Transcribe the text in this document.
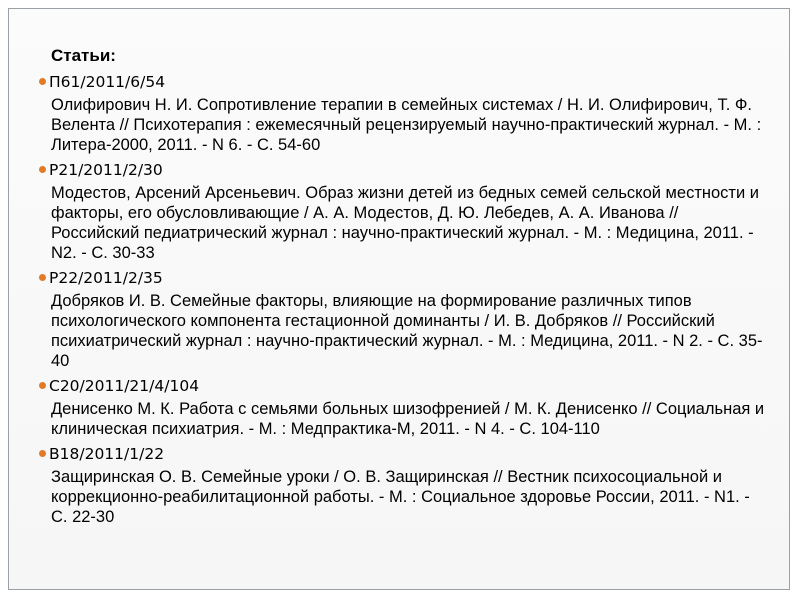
Статьи:
П61/2011/6/54
Олифирович Н. И. Сопротивление терапии в семейных системах / Н. И. Олифирович, Т. Ф. Велента // Психотерапия : ежемесячный рецензируемый научно-практический журнал. - М. : Литера-2000, 2011. - N 6. - С. 54-60
Р21/2011/2/30
Модестов, Арсений Арсеньевич. Образ жизни детей из бедных семей сельской местности и факторы, его обусловливающие / А. А. Модестов, Д. Ю. Лебедев, А. А. Иванова // Российский педиатрический журнал : научно-практический журнал. - М. : Медицина, 2011. - N2. - С. 30-33
Р22/2011/2/35
Добряков И. В. Семейные факторы, влияющие на формирование различных типов психологического компонента гестационной доминанты / И. В. Добряков // Российский психиатрический журнал : научно-практический журнал. - М. : Медицина, 2011. - N 2. - С. 35-40
С20/2011/21/4/104
Денисенко М. К. Работа с семьями больных шизофренией / М. К. Денисенко // Социальная и клиническая психиатрия. - М. : Медпрактика-М, 2011. - N 4. - С. 104-110
В18/2011/1/22
Защиринская О. В. Семейные уроки / О. В. Защиринская // Вестник психосоциальной и коррекционно-реабилитационной работы. - М. : Социальное здоровье России, 2011. - N1. - С. 22-30
